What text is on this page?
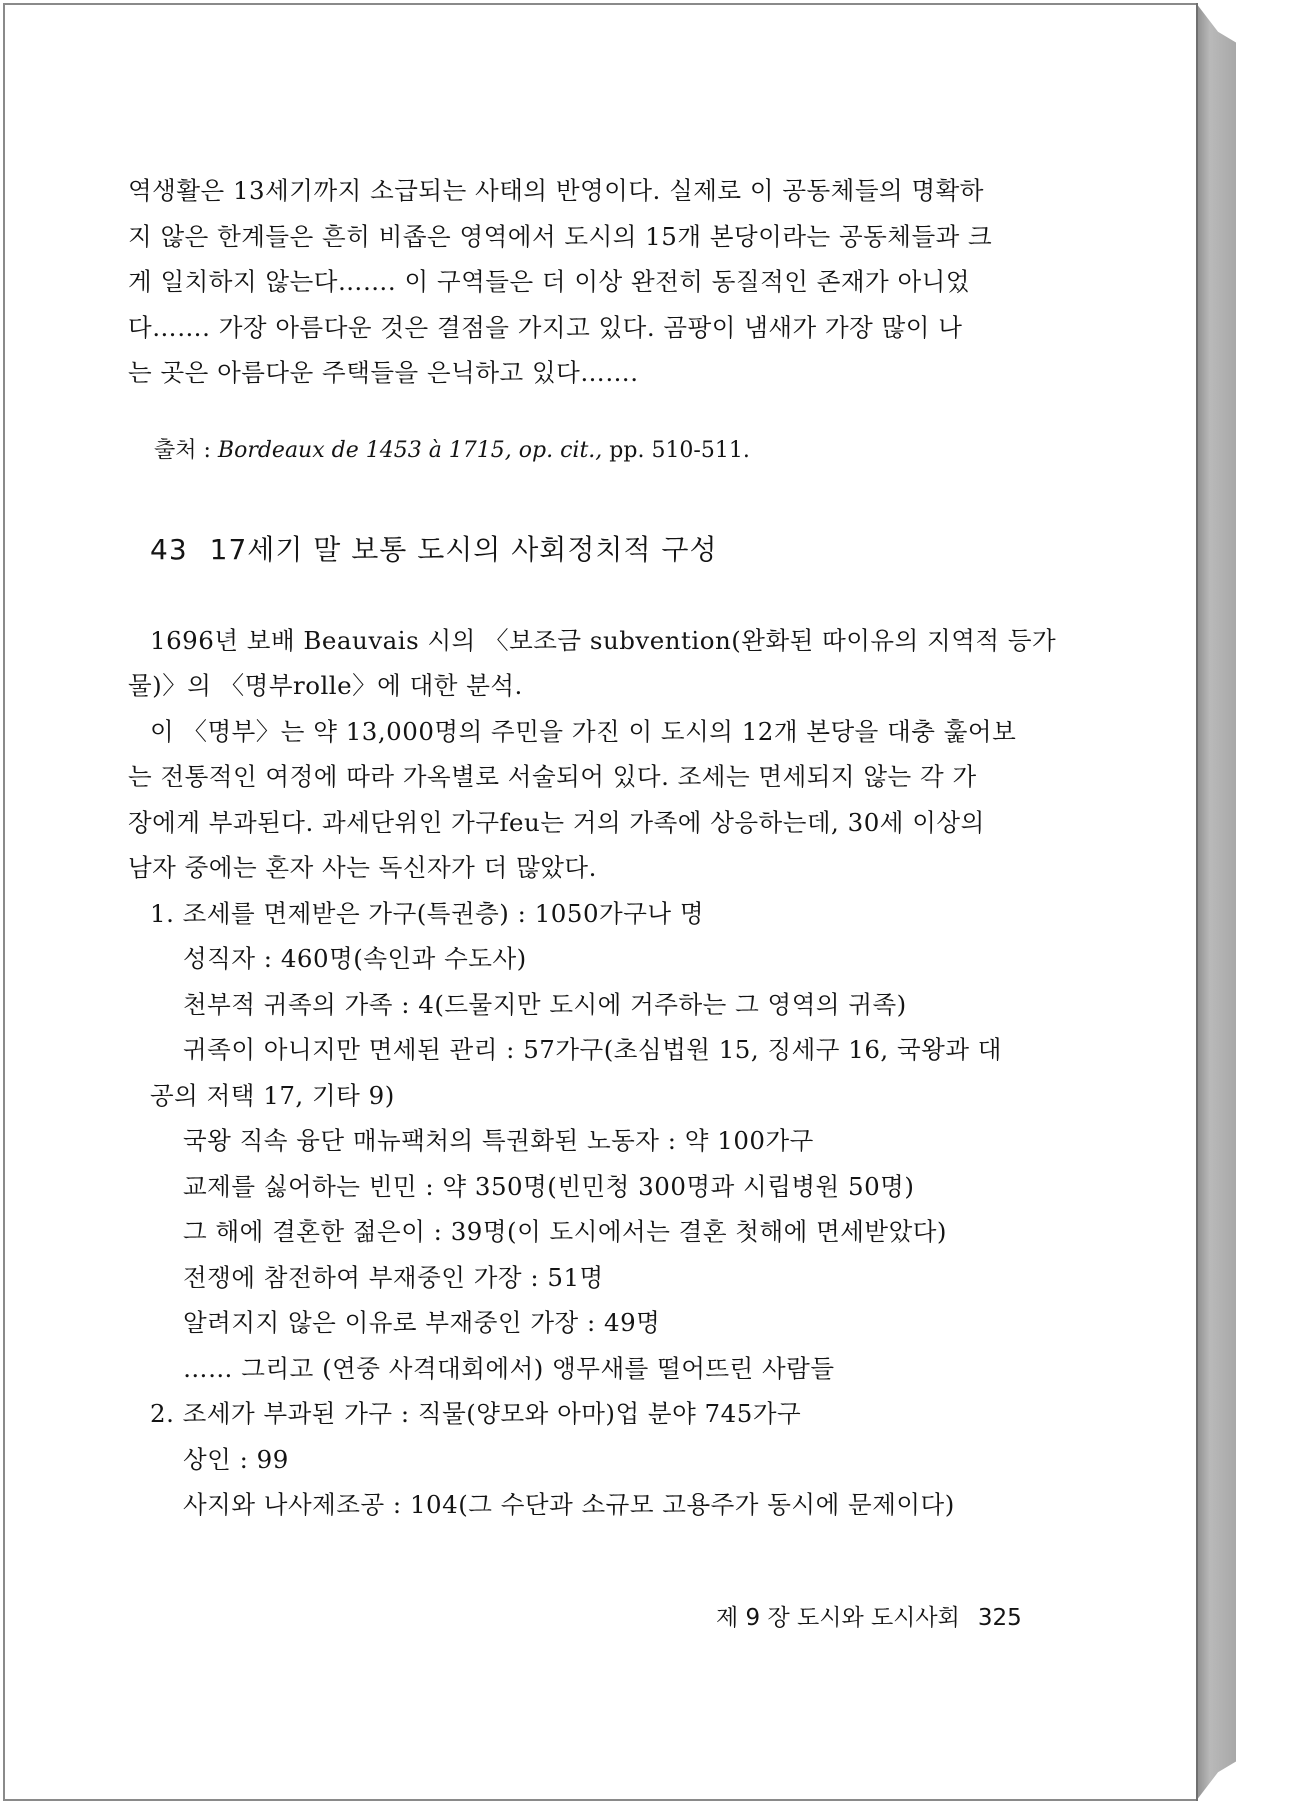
역생활은 13세기까지 소급되는 사태의 반영이다. 실제로 이 공동체들의 명확하
지 않은 한계들은 흔히 비좁은 영역에서 도시의 15개 본당이라는 공동체들과 크
게 일치하지 않는다……. 이 구역들은 더 이상 완전히 동질적인 존재가 아니었
다……. 가장 아름다운 것은 결점을 가지고 있다. 곰팡이 냄새가 가장 많이 나
는 곳은 아름다운 주택들을 은닉하고 있다…….
출처 : Bordeaux de 1453 à 1715, op. cit., pp. 510-511.
43 17세기 말 보통 도시의 사회정치적 구성
1696년 보배 Beauvais 시의 〈보조금 subvention(완화된 따이유의 지역적 등가
물)〉의 〈명부rolle〉에 대한 분석.
이 〈명부〉는 약 13,000명의 주민을 가진 이 도시의 12개 본당을 대충 훑어보
는 전통적인 여정에 따라 가옥별로 서술되어 있다. 조세는 면세되지 않는 각 가
장에게 부과된다. 과세단위인 가구feu는 거의 가족에 상응하는데, 30세 이상의
남자 중에는 혼자 사는 독신자가 더 많았다.
1. 조세를 면제받은 가구(특권층) : 1050가구나 명
성직자 : 460명(속인과 수도사)
천부적 귀족의 가족 : 4(드물지만 도시에 거주하는 그 영역의 귀족)
귀족이 아니지만 면세된 관리 : 57가구(초심법원 15, 징세구 16, 국왕과 대
공의 저택 17, 기타 9)
국왕 직속 융단 매뉴팩처의 특권화된 노동자 : 약 100가구
교제를 싫어하는 빈민 : 약 350명(빈민청 300명과 시립병원 50명)
그 해에 결혼한 젊은이 : 39명(이 도시에서는 결혼 첫해에 면세받았다)
전쟁에 참전하여 부재중인 가장 : 51명
알려지지 않은 이유로 부재중인 가장 : 49명
…… 그리고 (연중 사격대회에서) 앵무새를 떨어뜨린 사람들
2. 조세가 부과된 가구 : 직물(양모와 아마)업 분야 745가구
상인 : 99
사지와 나사제조공 : 104(그 수단과 소규모 고용주가 동시에 문제이다)
제 9 장 도시와 도시사회 325
